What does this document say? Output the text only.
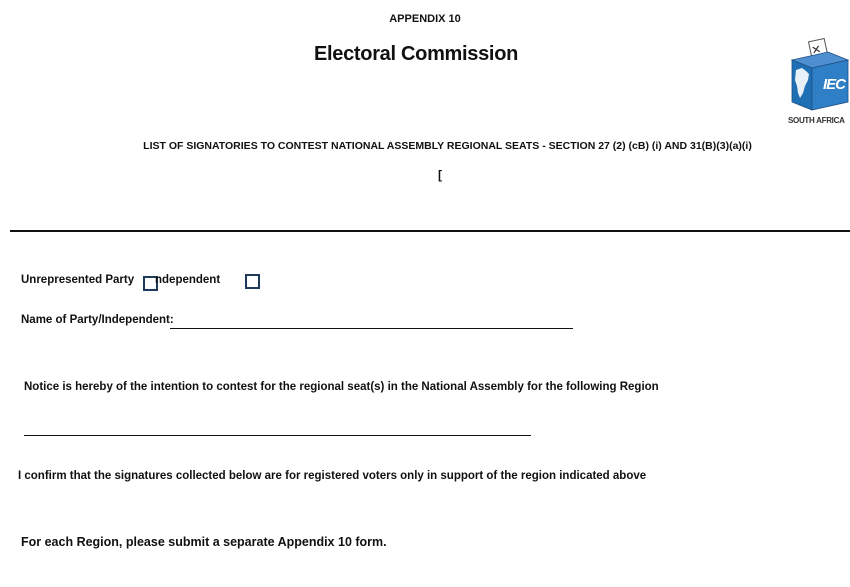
APPENDIX 10
Electoral Commission
IEC
SOUTH AFRICA
LIST OF SIGNATORIES TO CONTEST NATIONAL ASSEMBLY REGIONAL SEATS - SECTION 27 (2) (cB) (i) AND 31(B)(3)(a)(i)
[
Unrepresented Party ndependent
Name of Party/Independent:
Notice is hereby of the intention to contest for the regional seat(s) in the National Assembly for the following Region
I confirm that the signatures collected below are for registered voters only in support of the region indicated above
For each Region, please submit a separate Appendix 10 form.
